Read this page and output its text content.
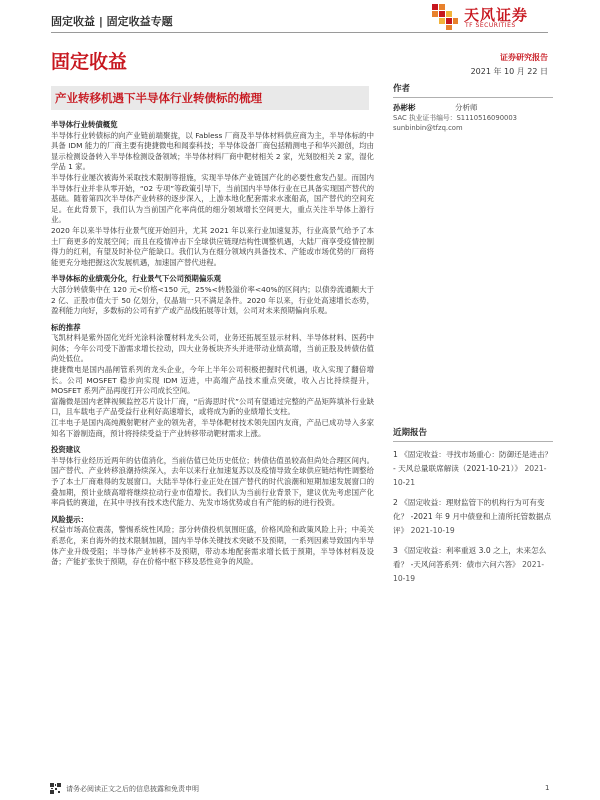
固定收益 | 固定收益专题	天风证券
TF SECURITIES
固定收益	证券研究报告
2021 年 10 月 22 日
产业转移机遇下半导体行业转债标的梳理
半导体行业转债概览
半导体行业转债标的向产业链前端聚拢，以 Fabless 厂商及半导体材料供应商为主，半导体标的中具备 IDM 能力的厂商主要有捷捷微电和闻泰科技；半导体设备厂商包括精测电子和华兴源创，均由显示检测设备转入半导体检测设备领域；半导体材料厂商中靶材相关 2 家，光刻胶相关 2 家，湿化学品 1 家。
半导体行业屡次被海外采取技术限制等措施，实现半导体产业链国产化的必要性愈发凸显。而国内半导体行业并非从零开始，“02 专项”等政策引导下，当前国内半导体行业在已具备实现国产替代的基础。随着第四次半导体产业转移的逐步深入，上游本地化配套需求水涨船高，国产替代的空间充足。在此背景下，我们认为当前国产化率尚低的细分领域增长空间更大，重点关注半导体上游行业。
2020 年以来半导体行业景气度开始回升，尤其 2021 年以来行业加速复苏，行业高景气给予了本土厂商更多的发展空间；而且在疫情冲击下全球供应链现结构性调整机遇，大陆厂商享受疫情控制得力的红利，有望及时补位产能缺口。我们认为在细分领域内具备技术、产能或市场优势的厂商将能更充分地把握这次发展机遇，加速国产替代进程。
半导体标的业绩观分化，行业景气下公司预期偏乐观
大部分转债集中在 120 元<价格<150 元，25%<转股溢价率<40%的区间内；以债券流通额大于 2 亿、正股市值大于 50 亿划分，仅晶瑞一只不满足条件。2020 年以来，行业处高速增长态势，盈利能力向好，多数标的公司有扩产或产品线拓展等计划，公司对未来预期偏向乐观。
标的推荐
飞凯材料是紫外固化光纤光涂料涂覆材料龙头公司，业务还拓展至显示材料、半导体材料、医药中间体；今年公司受下游需求增长拉动，四大业务板块齐头并进带动业绩高增，当前正股及转债估值尚处低位。
捷捷微电是国内晶闸管系列的龙头企业，今年上半年公司积极把握时代机遇，收入实现了翻倍增长。公司 MOSFET 稳步向实现 IDM 迈进，中高端产品技术重点突破，收入占比持续提升，MOSFET 系列产品再度打开公司成长空间。
富瀚微是国内老牌视频监控芯片设计厂商，“后海思时代”公司有望通过完整的产品矩阵填补行业缺口，且车载电子产品受益行业利好高速增长，或将成为新的业绩增长支柱。
江丰电子是国内高纯溅射靶材产业的领先者，半导体靶材技术领先国内友商，产品已成功导入多家知名下游制造商，预计将持续受益于产业转移带动靶材需求上涨。
投资建议
半导体行业经历近两年的估值消化，当前估值已处历史低位；转债估值虽较高但尚处合理区间内。国产替代、产业转移浪潮持续深入，去年以来行业加速复苏以及疫情导致全球供应链结构性调整给予了本土厂商难得的发展窗口。大陆半导体行业正处在国产替代的时代浪潮和短期加速发展窗口的叠加期，预计业绩高增将继续拉动行业市值增长。我们认为当前行业背景下，建议优先考虑国产化率尚低的赛道，在其中寻找有技术迭代能力、先发市场优势或自有产能的标的进行投资。
风险提示：
权益市场高位震荡，警惕系统性风险；部分转债投机氛围旺盛，价格风险和政策风险上升；中美关系恶化，来自海外的技术限制加剧，国内半导体关键技术突破不及预期，一系列因素导致国内半导体产业升级受阻；半导体产业转移不及预期，带动本地配套需求增长低于预期，半导体材料及设备；产能扩张快于预期，存在价格中枢下移及恶性竞争的风险。
作者
孙彬彬	分析师
SAC 执业证书编号：S1110516090003
sunbinbin@tfzq.com
近期报告
1 《固定收益：寻找市场重心：防御还是进击？ - 天风总量联席解读（2021-10-21）》 2021-10-21
2 《固定收益：理财监管下的机构行为可有变化？ -2021 年 9 月中债登和上清所托管数据点评》 2021-10-19
3 《固定收益：利率重返 3.0 之上，未来怎么看？ -天风问答系列：债市六问六答》 2021-10-19
请务必阅读正文之后的信息披露和免责申明	1
